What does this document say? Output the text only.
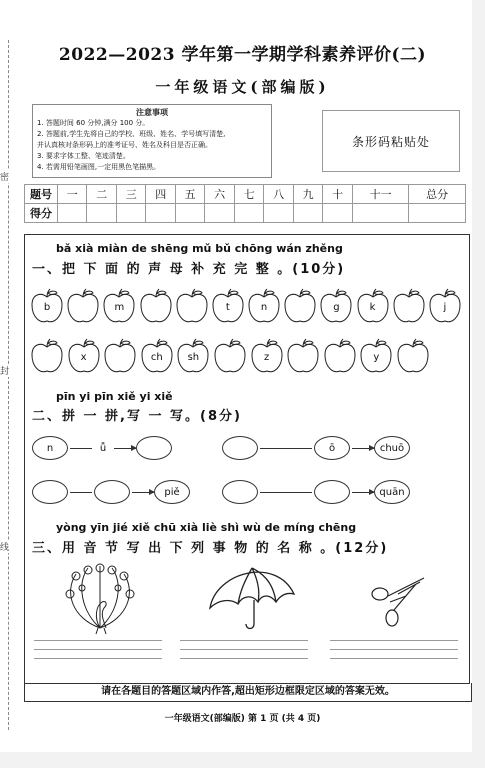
密
封
线
2022—2023 学年第一学期学科素养评价(二)
一年级语文(部编版)
注意事项
1. 答题时间 60 分钟,满分 100 分。
2. 答题前,学生先将自己的学校、班级、姓名、学号填写清楚,
并认真核对条形码上的准考证号、姓名及科目是否正确。
3. 要求字体工整、笔迹清楚。
4. 若需用铅笔画图,一定用黑色笔描黑。
条形码粘贴处
题号	一	二	三	四	五	六	七	八	九	十	十一	总分
得分												
bǎ xià miàn de shēng mǔ bǔ chōng wán zhěng
一、把 下 面 的 声 母 补 充 完 整 。(10分)
b	m	t	n	g	k	j
x	ch	sh	z	y
pīn yi pīn xiě yi xiě
二、拼 一 拼,写 一 写。(8分)
n	ǚ	ō	chuō
piě	quān
yòng yīn jié xiě chū xià liè shì wù de míng chēng
三、用 音 节 写 出 下 列 事 物 的 名 称 。(12分)
请在各题目的答题区域内作答,超出矩形边框限定区域的答案无效。
一年级语文(部编版) 第 1 页 (共 4 页)
